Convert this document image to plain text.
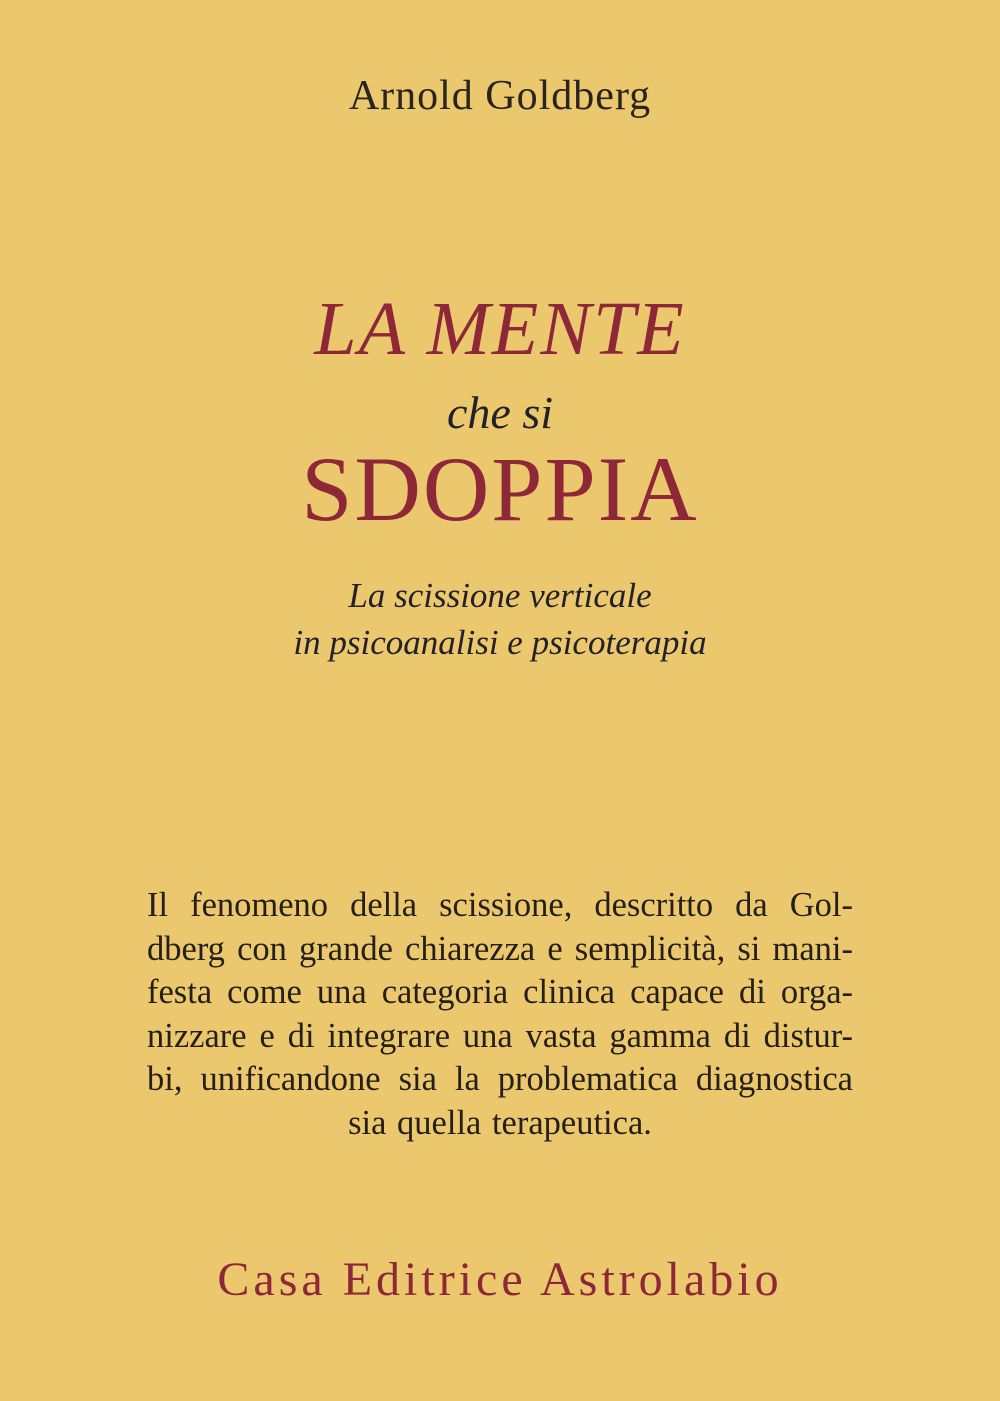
Arnold Goldberg
LA MENTE
che si
SDOPPIA
La scissione verticale
in psicoanalisi e psicoterapia
Il fenomeno della scissione, descritto da Gol-
dberg con grande chiarezza e semplicità, si mani-
festa come una categoria clinica capace di orga-
nizzare e di integrare una vasta gamma di distur-
bi, unificandone sia la problematica diagnostica
sia quella terapeutica.
Casa Editrice Astrolabio
